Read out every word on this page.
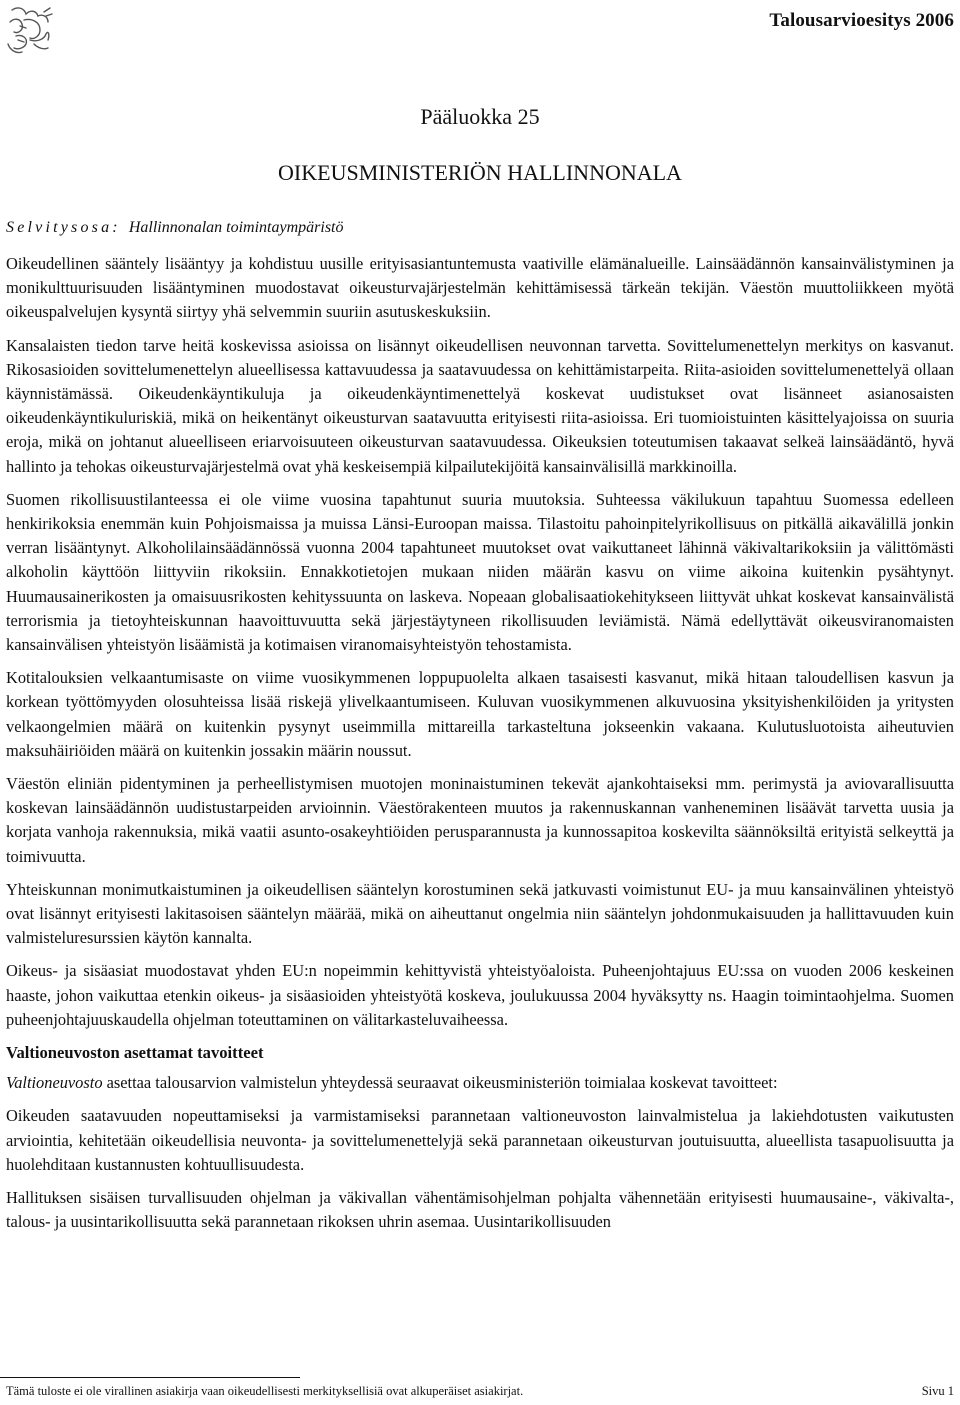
Talousarvioesitys 2006
Pääluokka 25
OIKEUSMINISTERIÖN HALLINNONALA
Selvitysosa: Hallinnonalan toimintaympäristö

Oikeudellinen sääntely lisääntyy ja kohdistuu uusille erityisasiantuntemusta vaativille elämänalueille. Lainsäädännön kansainvälistyminen ja monikulttuurisuuden lisääntyminen muodostavat oikeusturvajärjestelmän kehittämisessä tärkeän tekijän. Väestön muuttoliikkeen myötä oikeuspalvelujen kysyntä siirtyy yhä selvemmin suuriin asutuskeskuksiin.

Kansalaisten tiedon tarve heitä koskevissa asioissa on lisännyt oikeudellisen neuvonnan tarvetta. Sovittelumenettelyn merkitys on kasvanut. Rikosasioiden sovittelumenettelyn alueellisessa kattavuudessa ja saatavuudessa on kehittämistarpeita. Riita-asioiden sovittelumenettelyä ollaan käynnistämässä. Oikeudenkäyntikuluja ja oikeudenkäyntimenettelyä koskevat uudistukset ovat lisänneet asianosaisten oikeudenkäyntikuluriskiä, mikä on heikentänyt oikeusturvan saatavuutta erityisesti riita-asioissa. Eri tuomioistuinten käsittelyajoissa on suuria eroja, mikä on johtanut alueelliseen eriarvoisuuteen oikeusturvan saatavuudessa. Oikeuksien toteutumisen takaavat selkeä lainsäädäntö, hyvä hallinto ja tehokas oikeusturvajärjestelmä ovat yhä keskeisempiä kilpailutekijöitä kansainvälisillä markkinoilla.

Suomen rikollisuustilanteessa ei ole viime vuosina tapahtunut suuria muutoksia. Suhteessa väkilukuun tapahtuu Suomessa edelleen henkirikoksia enemmän kuin Pohjoismaissa ja muissa Länsi-Euroopan maissa. Tilastoitu pahoinpitelyrikollisuus on pitkällä aikavälillä jonkin verran lisääntynyt. Alkoholilainsäädännössä vuonna 2004 tapahtuneet muutokset ovat vaikuttaneet lähinnä väkivaltarikoksiin ja välittömästi alkoholin käyttöön liittyviin rikoksiin. Ennakkotietojen mukaan niiden määrän kasvu on viime aikoina kuitenkin pysähtynyt. Huumausainerikosten ja omaisuusrikosten kehityssuunta on laskeva. Nopeaan globalisaatiokehitykseen liittyvät uhkat koskevat kansainvälistä terrorismia ja tietoyhteiskunnan haavoittuvuutta sekä järjestäytyneen rikollisuuden leviämistä. Nämä edellyttävät oikeusviranomaisten kansainvälisen yhteistyön lisäämistä ja kotimaisen viranomaisyhteistyön tehostamista.

Kotitalouksien velkaantumisaste on viime vuosikymmenen loppupuolelta alkaen tasaisesti kasvanut, mikä hitaan taloudellisen kasvun ja korkean työttömyyden olosuhteissa lisää riskejä ylivelkaantumiseen. Kuluvan vuosikymmenen alkuvuosina yksityishenkilöiden ja yritysten velkaongelmien määrä on kuitenkin pysynyt useimmilla mittareilla tarkasteltuna jokseenkin vakaana. Kulutusluotoista aiheutuvien maksuhäiriöiden määrä on kuitenkin jossakin määrin noussut.

Väestön eliniän pidentyminen ja perheellistymisen muotojen moninaistuminen tekevät ajankohtaiseksi mm. perimystä ja aviovarallisuutta koskevan lainsäädännön uudistustarpeiden arvioinnin. Väestörakenteen muutos ja rakennuskannan vanheneminen lisäävät tarvetta uusia ja korjata vanhoja rakennuksia, mikä vaatii asunto-osakeyhtiöiden perusparannusta ja kunnossapitoa koskevilta säännöksiltä erityistä selkeyttä ja toimivuutta.

Yhteiskunnan monimutkaistuminen ja oikeudellisen sääntelyn korostuminen sekä jatkuvasti voimistunut EU- ja muu kansainvälinen yhteistyö ovat lisännyt erityisesti lakitasoisen sääntelyn määrää, mikä on aiheuttanut ongelmia niin sääntelyn johdonmukaisuuden ja hallittavuuden kuin valmisteluresurssien käytön kannalta.

Oikeus- ja sisäasiat muodostavat yhden EU:n nopeimmin kehittyvistä yhteistyöaloista. Puheenjohtajuus EU:ssa on vuoden 2006 keskeinen haaste, johon vaikuttaa etenkin oikeus- ja sisäasioiden yhteistyötä koskeva, joulukuussa 2004 hyväksytty ns. Haagin toimintaohjelma. Suomen puheenjohtajuuskaudella ohjelman toteuttaminen on välitarkasteluvaiheessa.

Valtioneuvoston asettamat tavoitteet

Valtioneuvosto asettaa talousarvion valmistelun yhteydessä seuraavat oikeusministeriön toimialaa koskevat tavoitteet:

Oikeuden saatavuuden nopeuttamiseksi ja varmistamiseksi parannetaan valtioneuvoston lainvalmistelua ja lakiehdotusten vaikutusten arviointia, kehitetään oikeudellisia neuvonta- ja sovittelumenettelyjä sekä parannetaan oikeusturvan joutuisuutta, alueellista tasapuolisuutta ja huolehditaan kustannusten kohtuullisuudesta.

Hallituksen sisäisen turvallisuuden ohjelman ja väkivallan vähentämisohjelman pohjalta vähennetään erityisesti huumausaine-, väkivalta-, talous- ja uusintarikollisuutta sekä parannetaan rikoksen uhrin asemaa. Uusintarikollisuuden

Tämä tuloste ei ole virallinen asiakirja vaan oikeudellisesti merkityksellisiä ovat alkuperäiset asiakirjat.	Sivu 1
